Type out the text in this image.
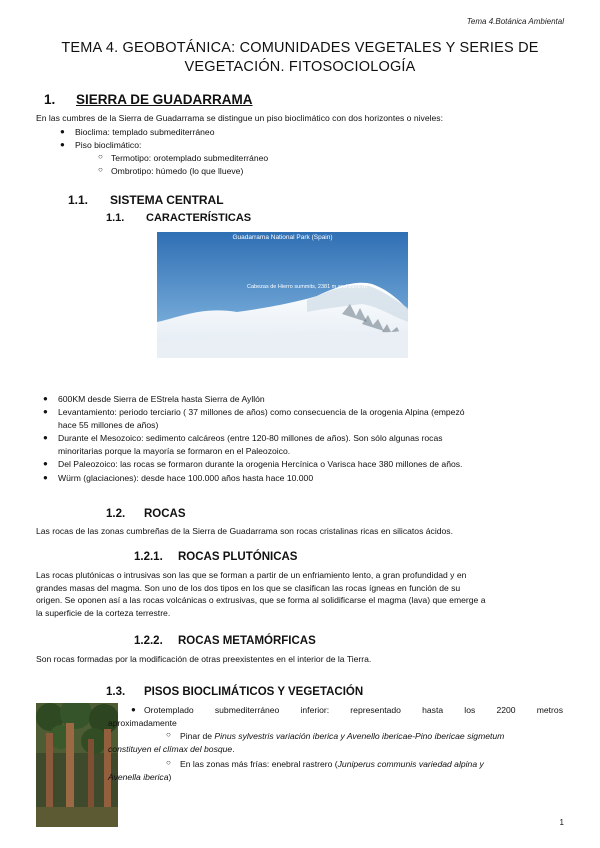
Tema 4.Botánica Ambiental
TEMA 4. GEOBOTÁNICA: COMUNIDADES VEGETALES Y SERIES DE
VEGETACIÓN. FITOSOCIOLOGÍA
1. SIERRA DE GUADARRAMA
En las cumbres de la Sierra de Guadarrama se distingue un piso bioclimático con dos horizontes o niveles:
● Bioclima: templado submediterráneo
● Piso bioclimático:
○ Termotipo: orotemplado submediterráneo
○ Ombrotipo: húmedo (lo que llueve)
1.1. SISTEMA CENTRAL
1.1. CARACTERÍSTICAS
Guadarrama National Park (Spain)
Cabezas de Hierro summits, 2381 m and 2376 m
● 600KM desde Sierra de EStrela hasta Sierra de Ayllón
● Levantamiento: periodo terciario ( 37 millones de años) como consecuencia de la orogenia Alpina (empezó
hace 55 millones de años)
● Durante el Mesozoico: sedimento calcáreos (entre 120-80 millones de años). Son sólo algunas rocas
minoritarias porque la mayoría se formaron en el Paleozoico.
● Del Paleozoico: las rocas se formaron durante la orogenia Hercínica o Varisca hace 380 millones de años.
● Würm (glaciaciones): desde hace 100.000 años hasta hace 10.000
1.2. ROCAS
Las rocas de las zonas cumbreñas de la Sierra de Guadarrama son rocas cristalinas ricas en silicatos ácidos.
1.2.1. ROCAS PLUTÓNICAS
Las rocas plutónicas o intrusivas son las que se forman a partir de un enfriamiento lento, a gran profundidad y en
grandes masas del magma. Son uno de los dos tipos en los que se clasifican las rocas ígneas en función de su
origen. Se oponen así a las rocas volcánicas o extrusivas, que se forma al solidificarse el magma (lava) que emerge a
la superficie de la corteza terrestre.
1.2.2. ROCAS METAMÓRFICAS
Son rocas formadas por la modificación de otras preexistentes en el interior de la Tierra.
1.3. PISOS BIOCLIMÁTICOS Y VEGETACIÓN
● Orotemplado submediterráneo inferior: representado hasta los 2200 metros
aproximadamente
○ Pinar de Pinus sylvestris variación iberica y Avenello ibericae-Pino ibericae sigmetum
constituyen el clímax del bosque.
○ En las zonas más frías: enebral rastrero (Juniperus communis variedad alpina y
Avenella iberica)
1
